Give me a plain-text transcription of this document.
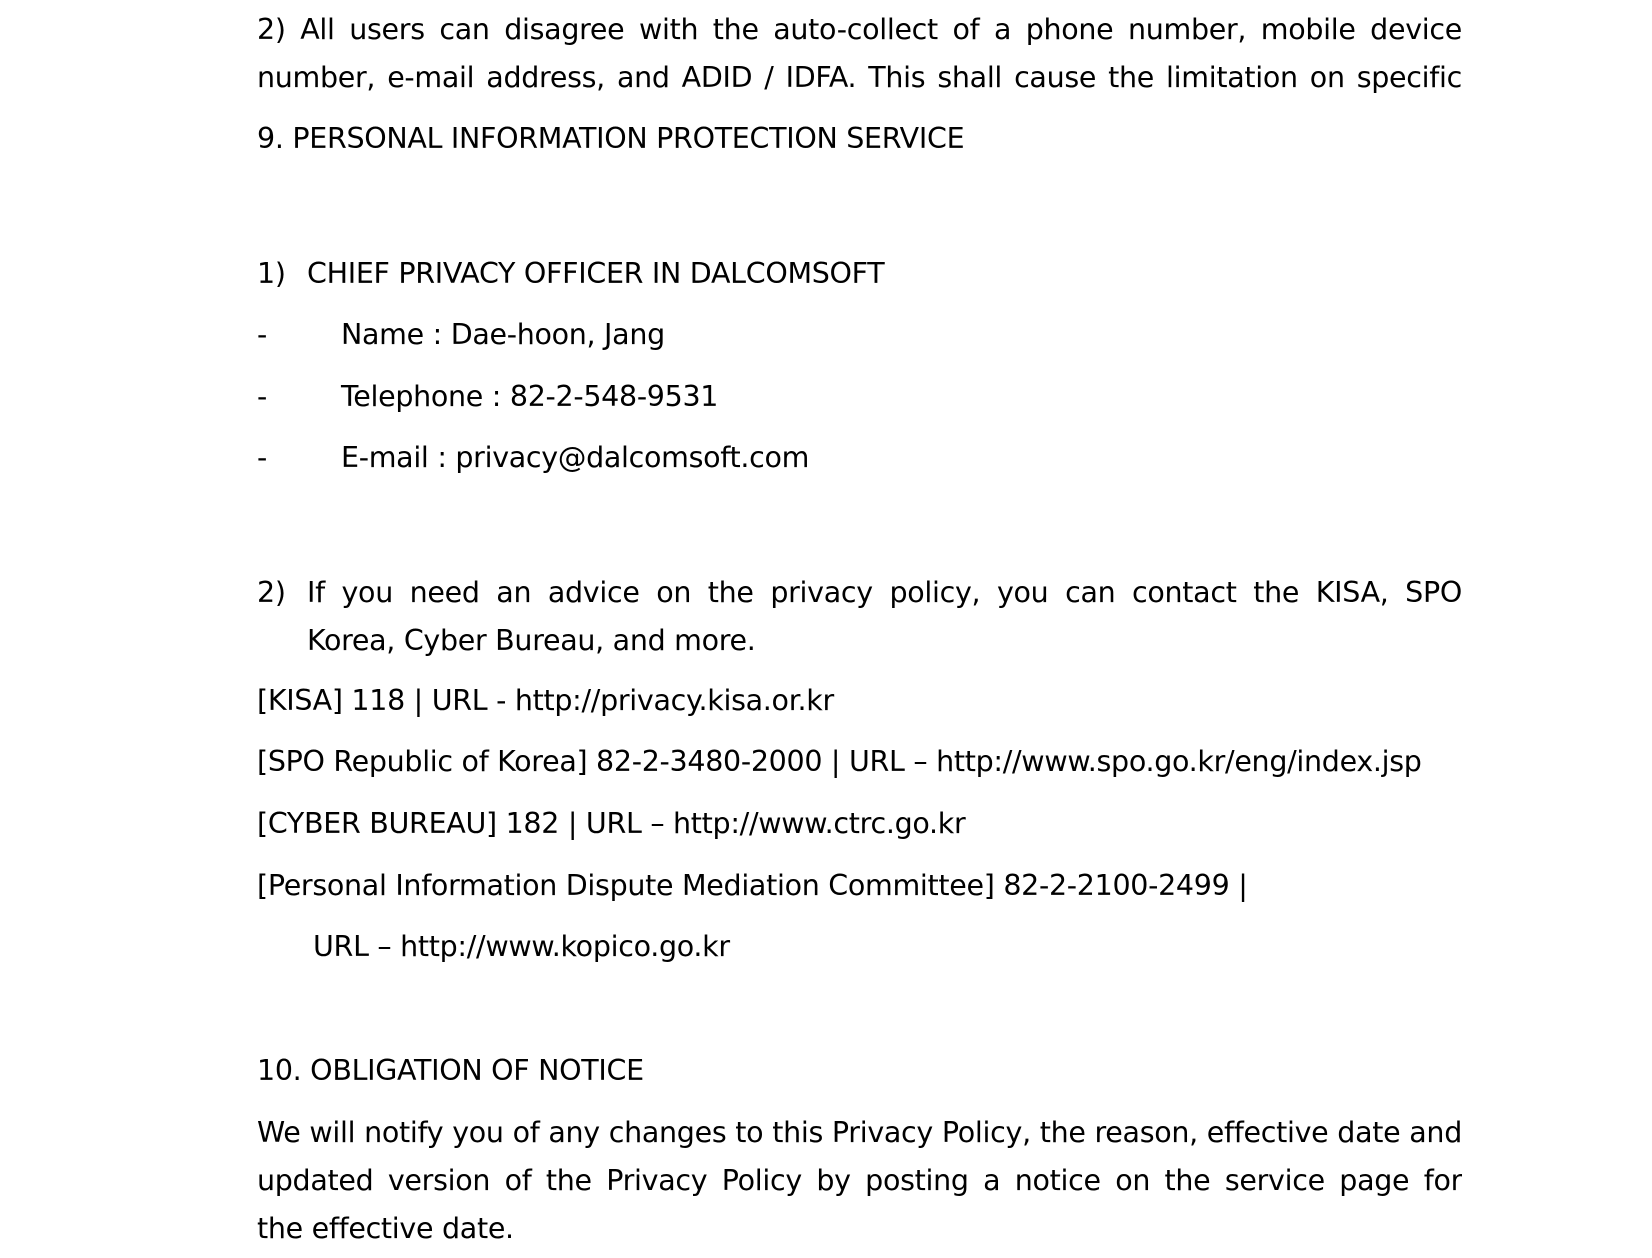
2) All users can disagree with the auto-collect of a phone number, mobile device
number, e-mail address, and ADID / IDFA. This shall cause the limitation on specific
9. PERSONAL INFORMATION PROTECTION SERVICE
1) CHIEF PRIVACY OFFICER IN DALCOMSOFT
-	Name : Dae-hoon, Jang
-	Telephone : 82-2-548-9531
-	E-mail : privacy@dalcomsoft.com
2) If you need an advice on the privacy policy, you can contact the KISA, SPO
Korea, Cyber Bureau, and more.
[KISA] 118 | URL - http://privacy.kisa.or.kr
[SPO Republic of Korea] 82-2-3480-2000 | URL – http://www.spo.go.kr/eng/index.jsp
[CYBER BUREAU] 182 | URL – http://www.ctrc.go.kr
[Personal Information Dispute Mediation Committee] 82-2-2100-2499 |
URL – http://www.kopico.go.kr
10. OBLIGATION OF NOTICE
We will notify you of any changes to this Privacy Policy, the reason, effective date and
updated version of the Privacy Policy by posting a notice on the service page for
the effective date.
